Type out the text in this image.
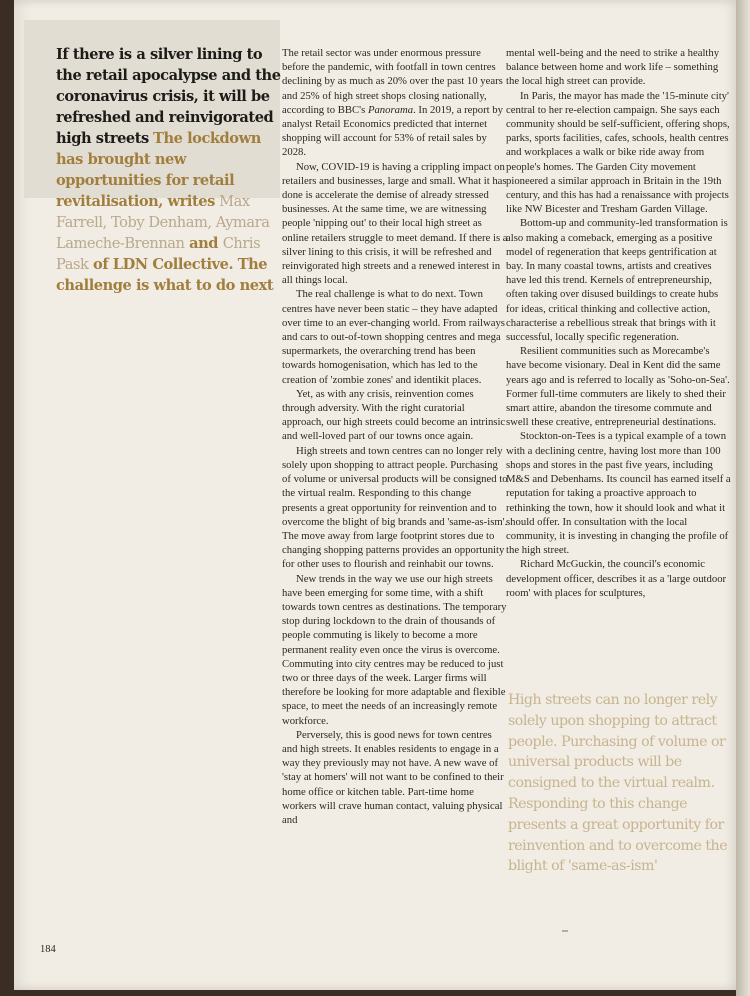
If there is a silver lining to the retail apocalypse and the coronavirus crisis, it will be refreshed and reinvigorated high streets The lockdown has brought new opportunities for retail revitalisation, writes Max Farrell, Toby Denham, Aymara Lameche-Brennan and Chris Pask of LDN Collective. The challenge is what to do next

The retail sector was under enormous pressure before the pandemic, with footfall in town centres declining by as much as 20% over the past 10 years and 25% of high street shops closing nationally, according to BBC's Panorama. In 2019, a report by analyst Retail Economics predicted that internet shopping will account for 53% of retail sales by 2028.

Now, COVID-19 is having a crippling impact on retailers and businesses, large and small. What it has done is accelerate the demise of already stressed businesses. At the same time, we are witnessing people 'nipping out' to their local high street as online retailers struggle to meet demand. If there is a silver lining to this crisis, it will be refreshed and reinvigorated high streets and a renewed interest in all things local.

The real challenge is what to do next. Town centres have never been static – they have adapted over time to an ever-changing world. From railways and cars to out-of-town shopping centres and mega supermarkets, the overarching trend has been towards homogenisation, which has led to the creation of 'zombie zones' and identikit places.

Yet, as with any crisis, reinvention comes through adversity. With the right curatorial approach, our high streets could become an intrinsic and well-loved part of our towns once again.

High streets and town centres can no longer rely solely upon shopping to attract people. Purchasing of volume or universal products will be consigned to the virtual realm. Responding to this change presents a great opportunity for reinvention and to overcome the blight of big brands and 'same-as-ism'. The move away from large footprint stores due to changing shopping patterns provides an opportunity for other uses to flourish and reinhabit our towns.

New trends in the way we use our high streets have been emerging for some time, with a shift towards town centres as destinations. The temporary stop during lockdown to the drain of thousands of people commuting is likely to become a more permanent reality even once the virus is overcome. Commuting into city centres may be reduced to just two or three days of the week. Larger firms will therefore be looking for more adaptable and flexible space, to meet the needs of an increasingly remote workforce.

Perversely, this is good news for town centres and high streets. It enables residents to engage in a way they previously may not have. A new wave of 'stay at homers' will not want to be confined to their home office or kitchen table. Part-time home workers will crave human contact, valuing physical and

mental well-being and the need to strike a healthy balance between home and work life – something the local high street can provide.

In Paris, the mayor has made the '15-minute city' central to her re-election campaign. She says each community should be self-sufficient, offering shops, parks, sports facilities, cafes, schools, health centres and workplaces a walk or bike ride away from people's homes. The Garden City movement pioneered a similar approach in Britain in the 19th century, and this has had a renaissance with projects like NW Bicester and Tresham Garden Village.

Bottom-up and community-led transformation is also making a comeback, emerging as a positive model of regeneration that keeps gentrification at bay. In many coastal towns, artists and creatives have led this trend. Kernels of entrepreneurship, often taking over disused buildings to create hubs for ideas, critical thinking and collective action, characterise a rebellious streak that brings with it successful, locally specific regeneration.

Resilient communities such as Morecambe's have become visionary. Deal in Kent did the same years ago and is referred to locally as 'Soho-on-Sea'. Former full-time commuters are likely to shed their smart attire, abandon the tiresome commute and swell these creative, entrepreneurial destinations.

Stockton-on-Tees is a typical example of a town with a declining centre, having lost more than 100 shops and stores in the past five years, including M&S and Debenhams. Its council has earned itself a reputation for taking a proactive approach to rethinking the town, how it should look and what it should offer. In consultation with the local community, it is investing in changing the profile of the high street.

Richard McGuckin, the council's economic development officer, describes it as a 'large outdoor room' with places for sculptures,

High streets can no longer rely solely upon shopping to attract people. Purchasing of volume or universal products will be consigned to the virtual realm. Responding to this change presents a great opportunity for reinvention and to overcome the blight of 'same-as-ism'
184
